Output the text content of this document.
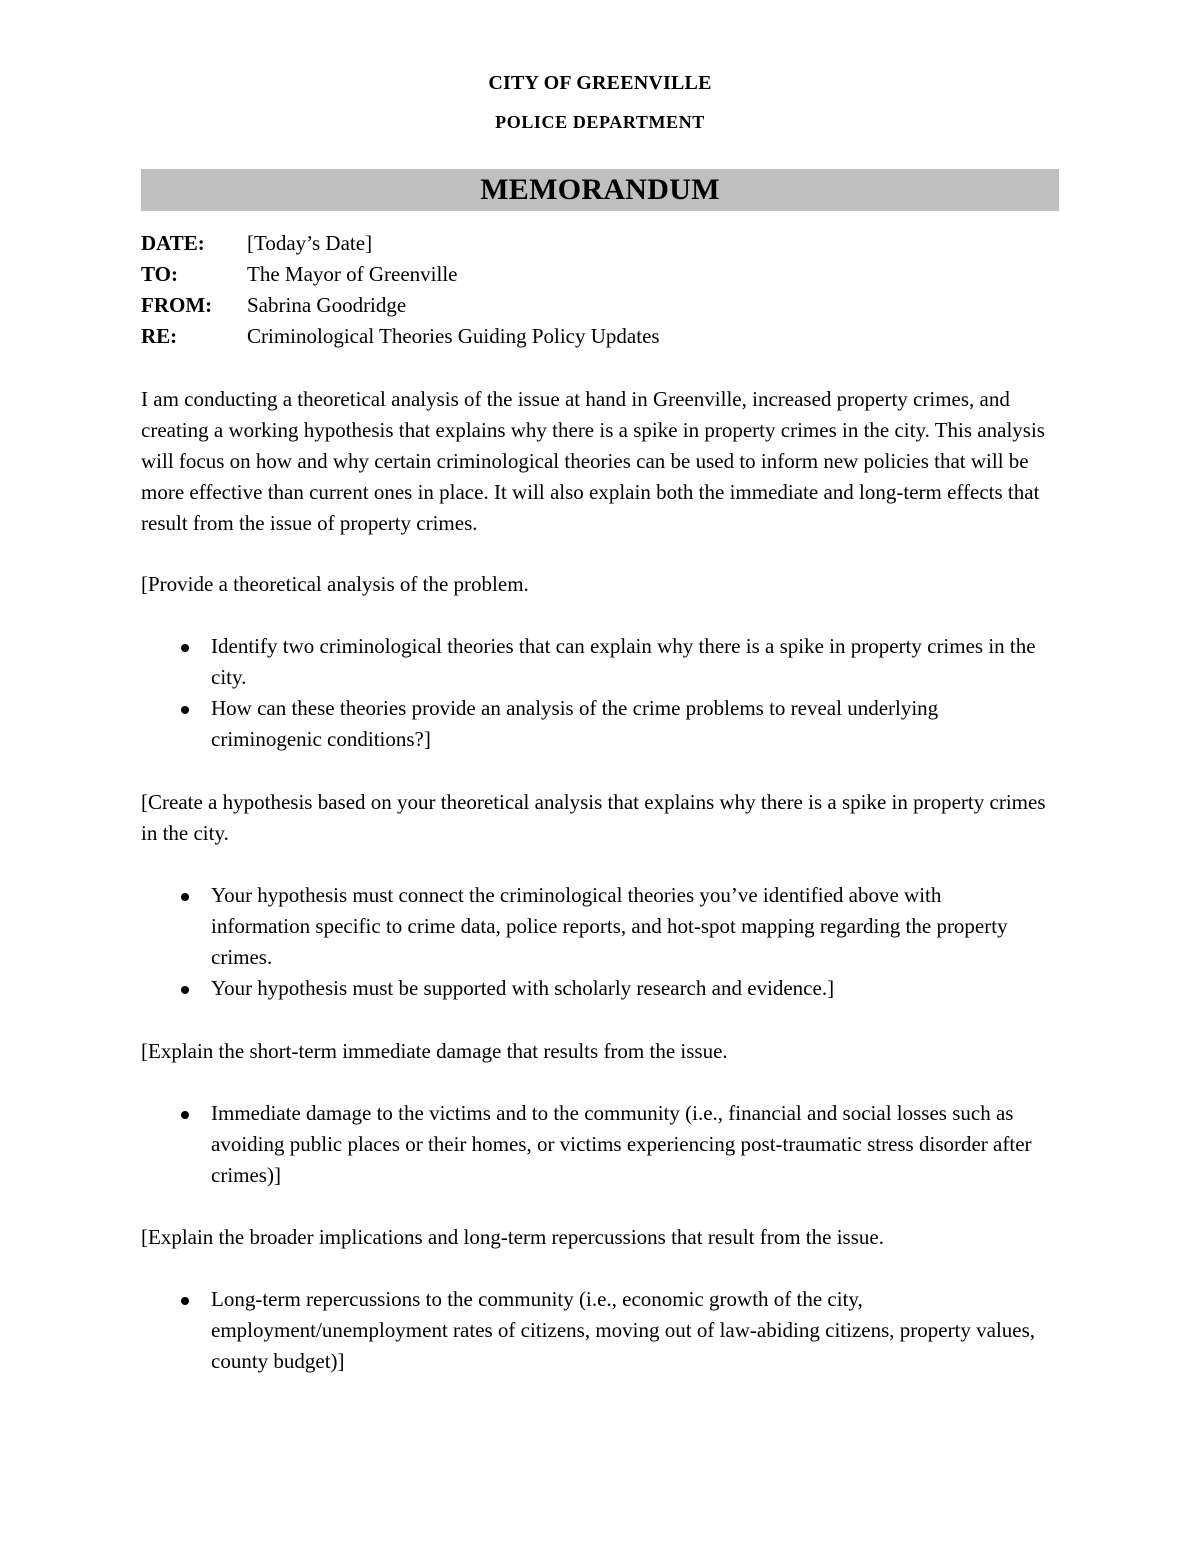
CITY OF GREENVILLE
POLICE DEPARTMENT
MEMORANDUM
DATE:	[Today’s Date]
TO:	The Mayor of Greenville
FROM:	Sabrina Goodridge
RE:	Criminological Theories Guiding Policy Updates
I am conducting a theoretical analysis of the issue at hand in Greenville, increased property crimes, and creating a working hypothesis that explains why there is a spike in property crimes in the city. This analysis will focus on how and why certain criminological theories can be used to inform new policies that will be more effective than current ones in place. It will also explain both the immediate and long-term effects that result from the issue of property crimes.

[Provide a theoretical analysis of the problem.

Identify two criminological theories that can explain why there is a spike in property crimes in the city.
How can these theories provide an analysis of the crime problems to reveal underlying criminogenic conditions?]

[Create a hypothesis based on your theoretical analysis that explains why there is a spike in property crimes in the city.

Your hypothesis must connect the criminological theories you’ve identified above with information specific to crime data, police reports, and hot-spot mapping regarding the property crimes.
Your hypothesis must be supported with scholarly research and evidence.]

[Explain the short-term immediate damage that results from the issue.

Immediate damage to the victims and to the community (i.e., financial and social losses such as avoiding public places or their homes, or victims experiencing post-traumatic stress disorder after crimes)]

[Explain the broader implications and long-term repercussions that result from the issue.

Long-term repercussions to the community (i.e., economic growth of the city, employment/unemployment rates of citizens, moving out of law-abiding citizens, property values, county budget)]
